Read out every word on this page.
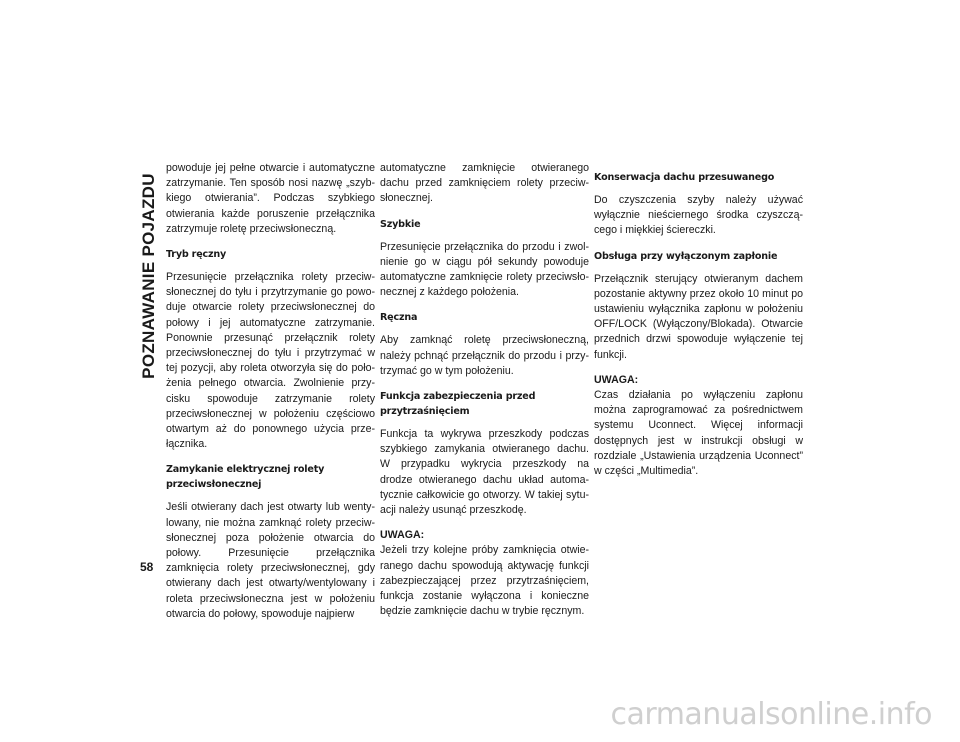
POZNAWANIE POJAZDU

powoduje jej pełne otwarcie i automatyczne zatrzymanie. Ten sposób nosi nazwę „szyb-kiego otwierania”. Podczas szybkiego otwierania każde poruszenie przełącznika zatrzymuje roletę przeciwsłoneczną.

Tryb ręczny

Przesunięcie przełącznika rolety przeciw-słonecznej do tyłu i przytrzymanie go powo-duje otwarcie rolety przeciwsłonecznej do połowy i jej automatyczne zatrzymanie. Ponownie przesunąć przełącznik rolety przeciwsłonecznej do tyłu i przytrzymać w tej pozycji, aby roleta otworzyła się do poło-żenia pełnego otwarcia. Zwolnienie przy-cisku spowoduje zatrzymanie rolety przeciwsłonecznej w położeniu częściowo otwartym aż do ponownego użycia prze-łącznika.

Zamykanie elektrycznej rolety przeciwsłonecznej

Jeśli otwierany dach jest otwarty lub wenty-lowany, nie można zamknąć rolety przeciw-słonecznej poza położenie otwarcia do połowy. Przesunięcie przełącznika zamknięcia rolety przeciwsłonecznej, gdy otwierany dach jest otwarty/wentylowany i roleta przeciwsłoneczna jest w położeniu otwarcia do połowy, spowoduje najpierw

automatyczne zamknięcie otwieranego dachu przed zamknięciem rolety przeciw-słonecznej.

Szybkie

Przesunięcie przełącznika do przodu i zwol-nienie go w ciągu pół sekundy powoduje automatyczne zamknięcie rolety przeciwsło-necznej z każdego położenia.

Ręczna

Aby zamknąć roletę przeciwsłoneczną, należy pchnąć przełącznik do przodu i przy-trzymać go w tym położeniu.

Funkcja zabezpieczenia przed przytrzaśnięciem

Funkcja ta wykrywa przeszkody podczas szybkiego zamykania otwieranego dachu. W przypadku wykrycia przeszkody na drodze otwieranego dachu układ automa-tycznie całkowicie go otworzy. W takiej sytu-acji należy usunąć przeszkodę.

UWAGA:

Jeżeli trzy kolejne próby zamknięcia otwie-ranego dachu spowodują aktywację funkcji zabezpieczającej przez przytrzaśnięciem, funkcja zostanie wyłączona i konieczne będzie zamknięcie dachu w trybie ręcznym.

Konserwacja dachu przesuwanego

Do czyszczenia szyby należy używać wyłącznie nieściernego środka czyszczą-cego i miękkiej ściereczki.

Obsługa przy wyłączonym zapłonie

Przełącznik sterujący otwieranym dachem pozostanie aktywny przez około 10 minut po ustawieniu wyłącznika zapłonu w położeniu OFF/LOCK (Wyłączony/Blokada). Otwarcie przednich drzwi spowoduje wyłączenie tej funkcji.

UWAGA:

Czas działania po wyłączeniu zapłonu można zaprogramować za pośrednictwem systemu Uconnect. Więcej informacji dostępnych jest w instrukcji obsługi w rozdziale „Ustawienia urządzenia Uconnect” w części „Multimedia”.

58
carmanualsonline.info
